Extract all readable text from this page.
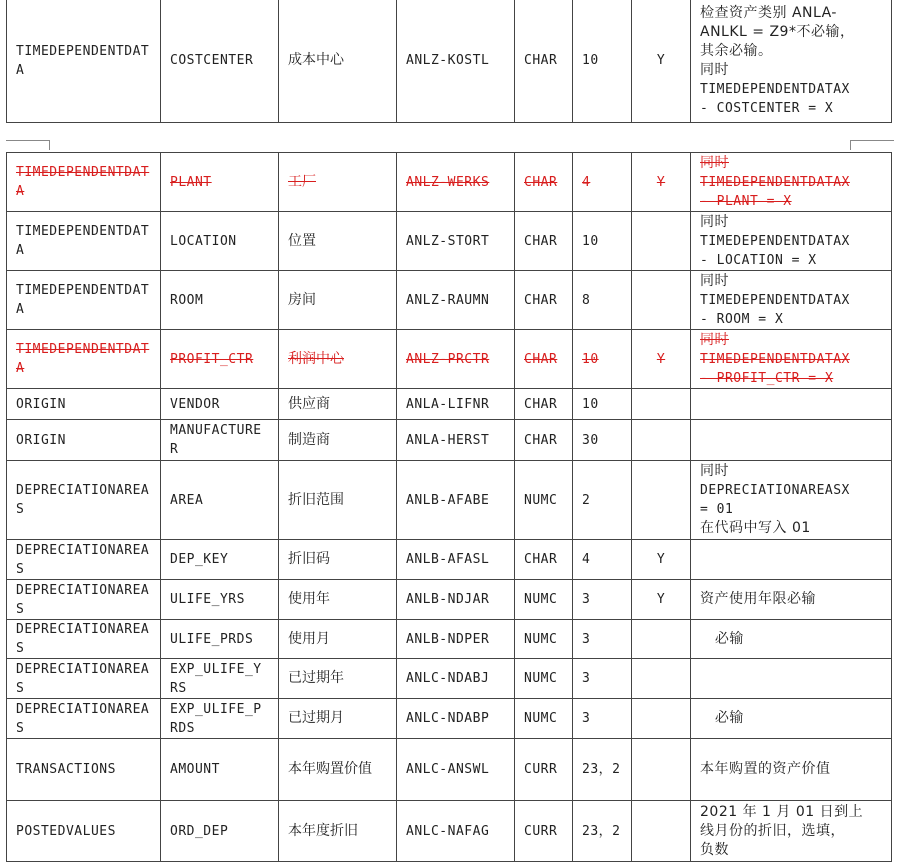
TIMEDEPENDENTDATA	COSTCENTER	成本中心	ANLZ-KOSTL	CHAR	10	Y	
检查资产类别 ANLA-
ANLKL = Z9*不必输，
其余必输。
同时
TIMEDEPENDENTDATAX
- COSTCENTER = X
TIMEDEPENDENTDATA	PLANT	工厂	ANLZ-WERKS	CHAR	4	Y	同时
TIMEDEPENDENTDATAX
- PLANT = X

TIMEDEPENDENTDATA	LOCATION	位置	ANLZ-STORT	CHAR	10		同时
TIMEDEPENDENTDATAX
- LOCATION = X

TIMEDEPENDENTDATA	ROOM	房间	ANLZ-RAUMN	CHAR	8		同时
TIMEDEPENDENTDATAX
- ROOM = X

TIMEDEPENDENTDATA	PROFIT_CTR	利润中心	ANLZ-PRCTR	CHAR	10	Y	同时
TIMEDEPENDENTDATAX
- PROFIT_CTR = X

ORIGIN	VENDOR	供应商	ANLA-LIFNR	CHAR	10		
ORIGIN	MANUFACTURER	制造商	ANLA-HERST	CHAR	30		
DEPRECIATIONAREAS	AREA	折旧范围	ANLB-AFABE	NUMC	2		同时
DEPRECIATIONAREASX
= 01
在代码中写入 01

DEPRECIATIONAREAS	DEP_KEY	折旧码	ANLB-AFASL	CHAR	4	Y	
DEPRECIATIONAREAS	ULIFE_YRS	使用年	ANLB-NDJAR	NUMC	3	Y	资产使用年限必输

DEPRECIATIONAREAS	ULIFE_PRDS	使用月	ANLB-NDPER	NUMC	3		必输

DEPRECIATIONAREAS	EXP_ULIFE_YRS	已过期年	ANLC-NDABJ	NUMC	3		
DEPRECIATIONAREAS	EXP_ULIFE_PRDS	已过期月	ANLC-NDABP	NUMC	3		必输

TRANSACTIONS	AMOUNT	本年购置价值	ANLC-ANSWL	CURR	23，2		本年购置的资产价值

POSTEDVALUES	ORD_DEP	本年度折旧	ANLC-NAFAG	CURR	23，2		2021 年 1 月 01 日到上
线月份的折旧，选填，
负数
